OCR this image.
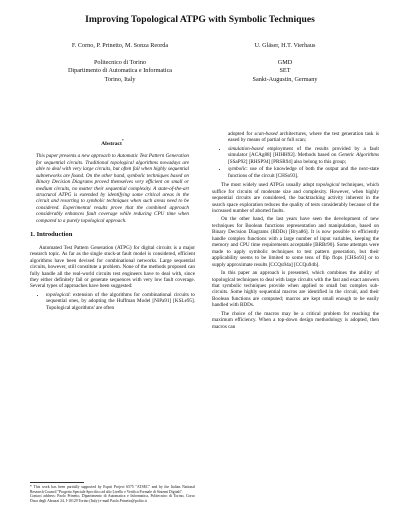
Improving Topological ATPG with Symbolic Techniques
F. Corno, P. Prinetto, M. Sonza Reorda
Politecnico di Torino
Dipartimento di Automatica e Informatica
Torino, Italy
U. Gläser, H.T. Vierhaus
GMD
SET
Sankt-Augustin, Germany
Abstract*
This paper presents a new approach to Automatic Test Pattern Generation for sequential circuits. Traditional topological algorithms nowadays are able to deal with very large circuits, but often fail when highly sequential subnetworks are found. On the other hand, symbolic techniques based on Binary Decision Diagrams proved themselves very efficient on small or medium circuits, no matter their sequential complexity. A state-of-the-art structural ATPG is extended by identifying some critical areas in the circuit and resorting to symbolic techniques when such areas need to be considered. Experimental results prove that the combined approach considerably enhances fault coverage while reducing CPU time when compared to a purely topological approach.
1. Introduction

Automated Test Pattern Generation (ATPG) for digital circuits is a major research topic. As far as the single stuck-at fault model is considered, efficient algorithms have been devised for combinational networks. Large sequential circuits, however, still constitute a problem. None of the methods proposed can fully handle all the real-world circuits test engineers have to deal with, since they either definitely fail or generate sequences with very low fault coverage. Several types of approaches have been suggested:

• topological: extension of the algorithms for combinational circuits to sequential ones, by adopting the Huffman Model [NiPa91] [KSLe95]. Topological algorithms' are often

adopted for scan-based architectures, where the test generation task is eased by means of partial or full scan;

• simulation-based employment of the results provided by a fault simulator [ACAg88] [HIHH92]. Methods based on Genetic Algorithms [SSaP92] [RHSP94] [PRSR94] also belong to this group;
• symbolic: use of the knowledge of both the output and the next-state functions of the circuit [CHSo93].

The most widely used ATPGs usually adopt topological techniques, which suffice for circuits of moderate size and complexity. However, when highly sequential circuits are considered, the backtracking activity inherent in the search space exploration reduces the quality of tests considerably because of the increased number of aborted faults.

On the other hand, the last years have seen the development of new techniques for Boolean functions representation and manipulation, based on Binary Decision Diagrams (BDDs) [Brya86]. It is now possible to efficiently handle complex functions with a large number of input variables, keeping the memory and CPU time requirements acceptable [BRBr90]. Some attempts were made to apply symbolic techniques to test pattern generation, but their applicability seems to be limited to some tens of flip flops [CHSo93] or to supply approximate results [CCQu94a] [CCQu94b].

In this paper an approach is presented, which combines the ability of topological techniques to deal with large circuits with the fast and exact answers that symbolic techniques provide when applied to small but complex sub-circuits. Some highly sequential macros are identified in the circuit, and their Boolean functions are computed; macros are kept small enough to be easily handled with BDDs.

The choice of the macros may be a critical problem for reaching the maximum efficiency. When a top-down design methodology is adopted, then macros can

* This work has been partially supported by Esprit Project 6575 "ATSEC" and by the Italian National Research Council "Progetto Speciale Specifico ad alto Livello e Verifica Formale di Sistemi Digitali".
Contact address: Paolo Prinetto, Dipartimento di Automatica e Informatica, Politecnico di Torino, Corso Duca degli Abruzzi 24, I-10129 Torino (Italy) e-mail Paolo.Prinetto@polito.it
